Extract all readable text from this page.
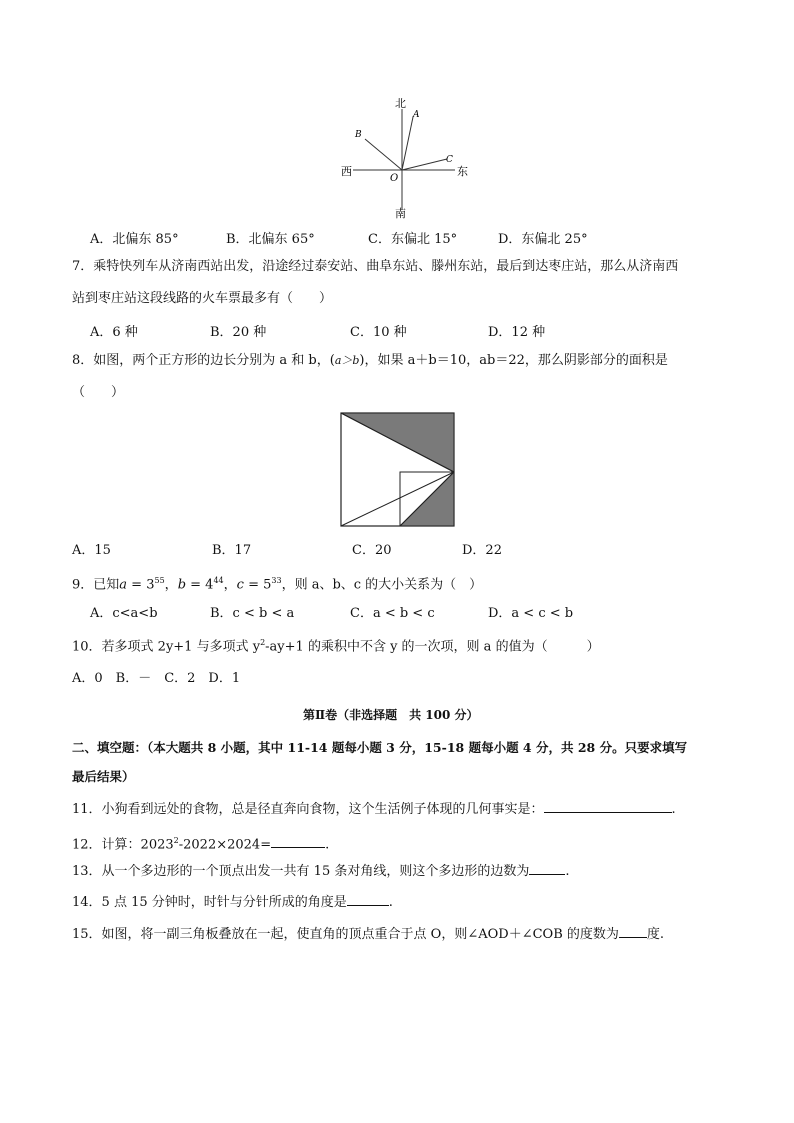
北
南
西	东
O
A
B
C
A．北偏东 85°	B．北偏东 65°	C．东偏北 15°	D．东偏北 25°
7．乘特快列车从济南西站出发，沿途经过泰安站、曲阜东站、滕州东站，最后到达枣庄站，那么从济南西
站到枣庄站这段线路的火车票最多有（　　）
A．6 种	B．20 种	C．10 种	D．12 种
8．如图，两个正方形的边长分别为 a 和 b，(a＞b)，如果 a＋b＝10，ab＝22，那么阴影部分的面积是
（　　）
A．15	B．17	C．20	D．22
9．已知$a = 3^{55}$，$b = 4^{44}$，$c = 5^{33}$，则 a、b、c 的大小关系为（　）
A．c<a<b	B．c < b < a	C．a < b < c	D．a < c < b
10．若多项式 2y+1 与多项式 $y^2-ay+1$ 的乘积中不含 y 的一次项，则 a 的值为（　　　）
A．0　B．－　C．2　D．1
第Ⅱ卷（非选择题　共 100 分）
二、填空题：（本大题共 8 小题，其中 11-14 题每小题 3 分，15-18 题每小题 4 分，共 28 分。只要求填写
最后结果）
11．小狗看到远处的食物，总是径直奔向食物，这个生活例子体现的几何事实是：	.
12．计算：$2023^2-2022\times 2024=$	.
13．从一个多边形的一个顶点出发一共有 15 条对角线，则这个多边形的边数为	.
14．5 点 15 分钟时，时针与分针所成的角度是	.
15．如图，将一副三角板叠放在一起，使直角的顶点重合于点 O，则∠AOD＋∠COB 的度数为 度.
